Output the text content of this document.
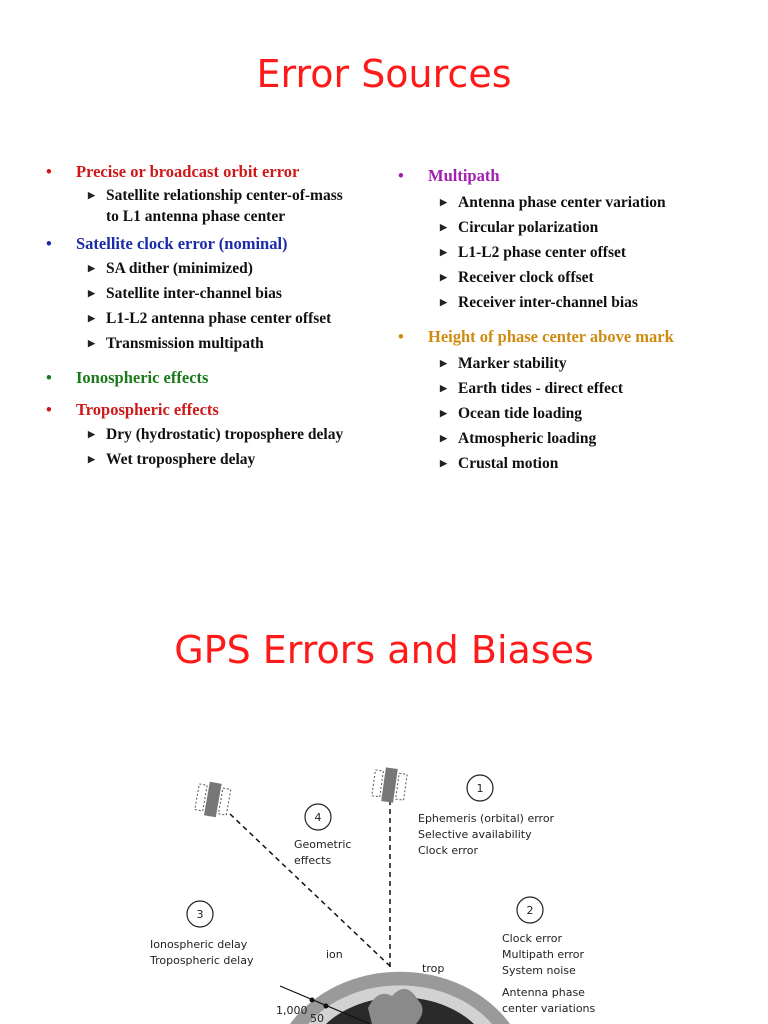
Error Sources
• Precise or broadcast orbit error
▶ Satellite relationship center-of-mass
to L1 antenna phase center
• Satellite clock error (nominal)
▶ SA dither (minimized)
▶ Satellite inter-channel bias
▶ L1-L2 antenna phase center offset
▶ Transmission multipath
• Ionospheric effects
• Tropospheric effects
▶ Dry (hydrostatic) troposphere delay
▶ Wet troposphere delay
• Multipath
▶ Antenna phase center variation
▶ Circular polarization
▶ L1-L2 phase center offset
▶ Receiver clock offset
▶ Receiver inter-channel bias
• Height of phase center above mark
▶ Marker stability
▶ Earth tides - direct effect
▶ Ocean tide loading
▶ Atmospheric loading
▶ Crustal motion
GPS Errors and Biases
ion
trop
1
Ephemeris (orbital) error
Selective availability
Clock error
4
Geometric
effects
3
Ionospheric delay
Tropospheric delay
2
Clock error
Multipath error
System noise
Antenna phase
center variations
1,000
50
